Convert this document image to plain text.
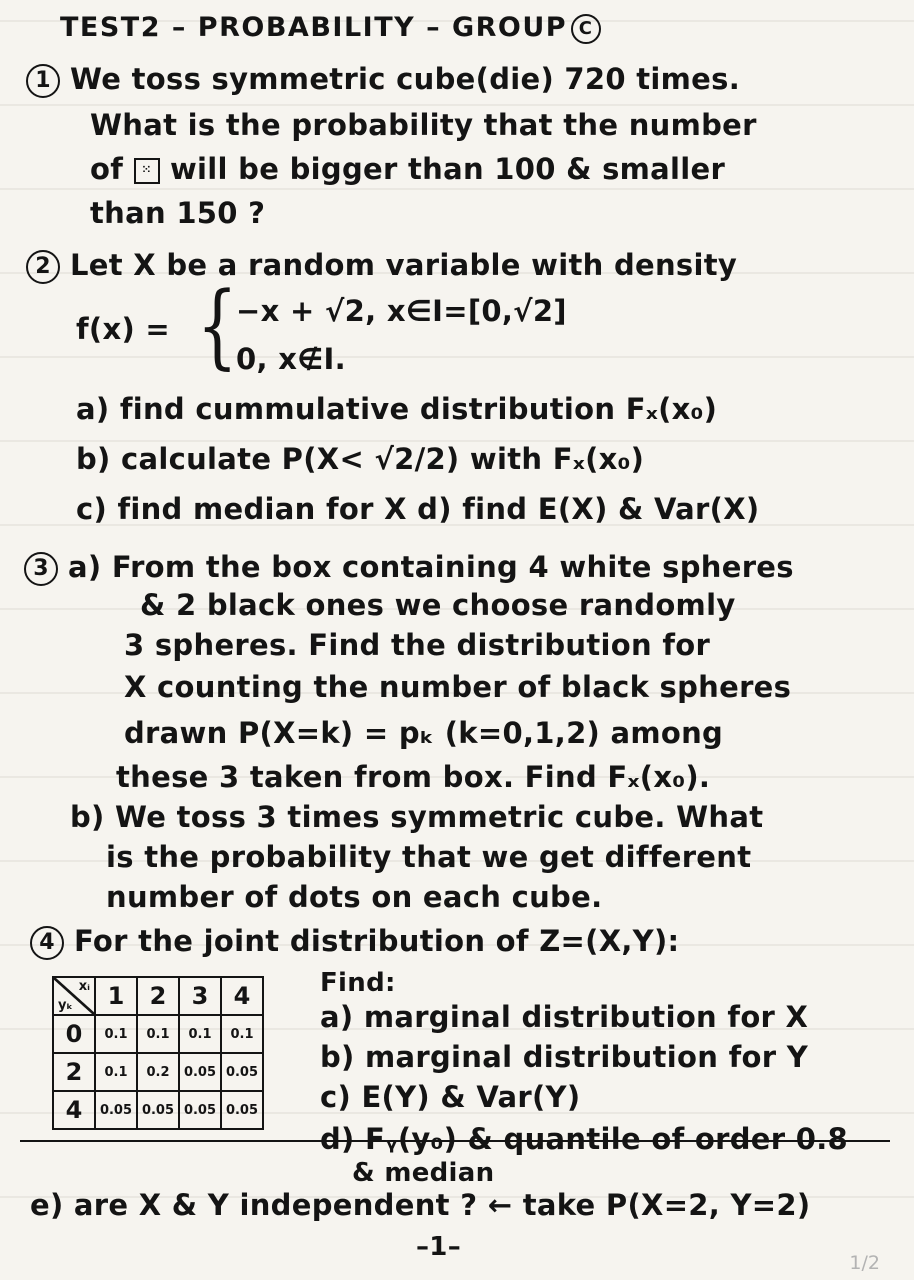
TEST2 – PROBABILITY – GROUP C
1 We toss symmetric cube(die) 720 times.
What is the probability that the number
of ⁙ will be bigger than 100 & smaller
than 150 ?
2 Let X be a random variable with density
f(x) = {
−x + √2, x∈I=[0,√2]
0, x∉I.
a) find cummulative distribution Fₓ(x₀)
b) calculate P(X< √2/2) with Fₓ(x₀)
c) find median for X d) find E(X) & Var(X)
3 a) From the box containing 4 white spheres
& 2 black ones we choose randomly
3 spheres. Find the distribution for
X counting the number of black spheres
drawn P(X=k) = pₖ (k=0,1,2) among
these 3 taken from box. Find Fₓ(x₀).
b) We toss 3 times symmetric cube. What
is the probability that we get different
number of dots on each cube.
4 For the joint distribution of Z=(X,Y):
xᵢ
yₖ	1	2	3	4
0	0.1	0.1	0.1	0.1
2	0.1	0.2	0.05	0.05
4	0.05	0.05	0.05	0.05
Find:
a) marginal distribution for X
b) marginal distribution for Y
c) E(Y) & Var(Y)
d) Fᵧ(y₀) & quantile of order 0.8
& median
e) are X & Y independent ? ← take P(X=2, Y=2)
–1–
1/2
